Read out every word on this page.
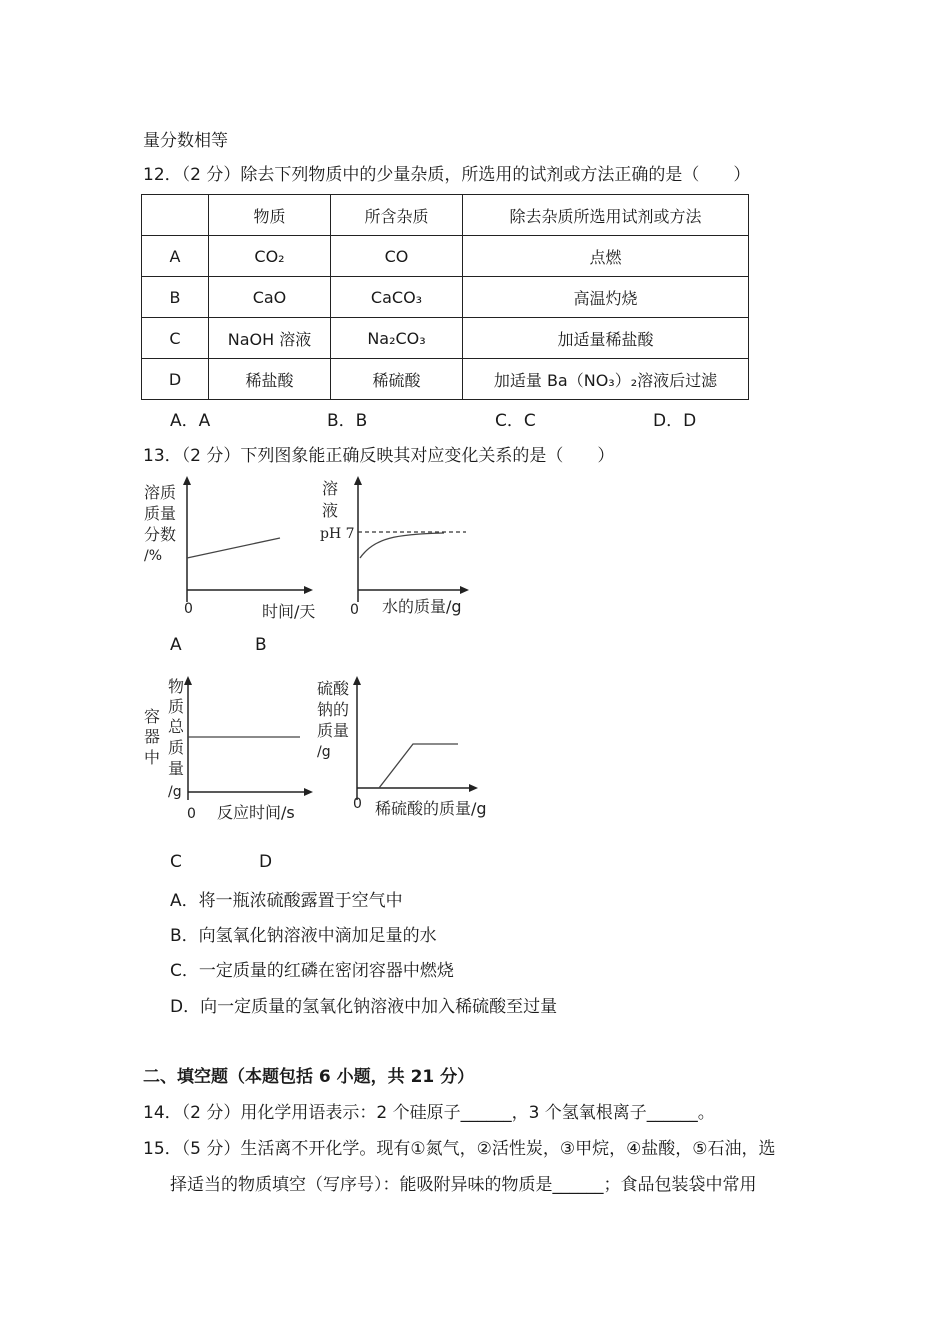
量分数相等
12．（2 分）除去下列物质中的少量杂质，所选用的试剂或方法正确的是（　　）
	物质	所含杂质	除去杂质所选用试剂或方法
A	CO₂	CO	点燃
B	CaO	CaCO₃	高温灼烧
C	NaOH 溶液	Na₂CO₃	加适量稀盐酸
D	稀盐酸	稀硫酸	加适量 Ba（NO₃）₂溶液后过滤
A．A	B．B	C．C	D．D
13．（2 分）下列图象能正确反映其对应变化关系的是（　　）
溶质
质量
分数
/%
0	时间/天
溶
液
pH 7
0 水的质量/g
A	B
物
质
总
质
量
容
器
中
/g
0 反应时间/s
硫酸
钠的
质量
/g
0 稀硫酸的质量/g
C	D
A．将一瓶浓硫酸露置于空气中
B．向氢氧化钠溶液中滴加足量的水
C．一定质量的红磷在密闭容器中燃烧
D．向一定质量的氢氧化钠溶液中加入稀硫酸至过量
二、填空题（本题包括 6 小题，共 21 分）
14．（2 分）用化学用语表示：2 个硅原子______，3 个氢氧根离子______。
15．（5 分）生活离不开化学。现有①氮气，②活性炭，③甲烷，④盐酸，⑤石油，选
择适当的物质填空（写序号）：能吸附异味的物质是______；食品包装袋中常用
